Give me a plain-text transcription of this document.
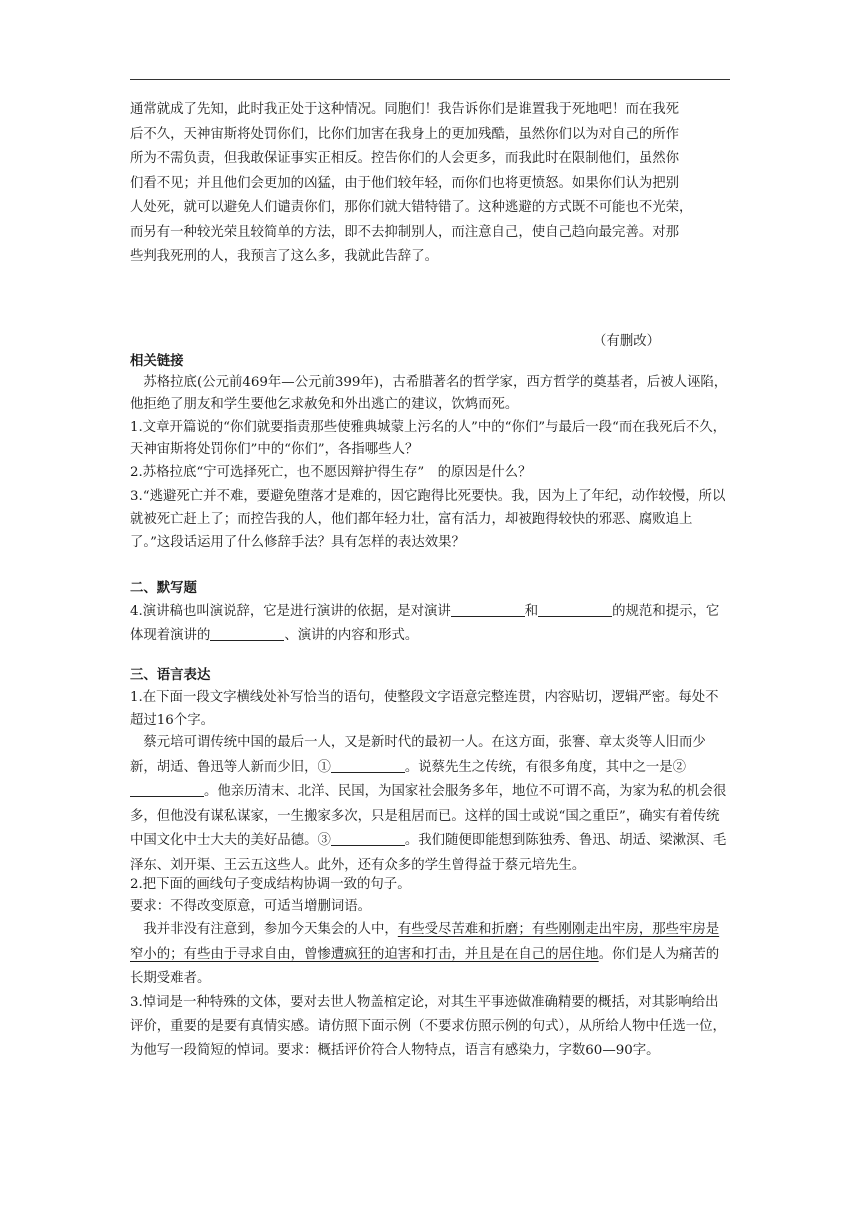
通常就成了先知，此时我正处于这种情况。同胞们！我告诉你们是谁置我于死地吧！而在我死
后不久，天神宙斯将处罚你们，比你们加害在我身上的更加残酷，虽然你们以为对自己的所作
所为不需负责，但我敢保证事实正相反。控告你们的人会更多，而我此时在限制他们，虽然你
们看不见；并且他们会更加的凶猛，由于他们较年轻，而你们也将更愤怒。如果你们认为把别
人处死，就可以避免人们谴责你们，那你们就大错特错了。这种逃避的方式既不可能也不光荣，
而另有一种较光荣且较简单的方法，即不去抑制别人，而注意自己，使自己趋向最完善。对那
些判我死刑的人，我预言了这么多，我就此告辞了。

（有删改）

相关链接

苏格拉底(公元前469年—公元前399年)，古希腊著名的哲学家，西方哲学的奠基者，后被人诬陷，他拒绝了朋友和学生要他乞求赦免和外出逃亡的建议，饮鸩而死。

1.文章开篇说的“你们就要指责那些使雅典城蒙上污名的人”中的“你们”与最后一段“而在我死后不久，天神宙斯将处罚你们”中的“你们”，各指哪些人？

2.苏格拉底“宁可选择死亡，也不愿因辩护得生存”　的原因是什么？

3.“逃避死亡并不难，要避免堕落才是难的，因它跑得比死要快。我，因为上了年纪，动作较慢，所以就被死亡赶上了；而控告我的人，他们都年轻力壮，富有活力，却被跑得较快的邪恶、腐败追上了。”这段话运用了什么修辞手法？具有怎样的表达效果？

二、默写题

4.演讲稿也叫演说辞，它是进行演讲的依据，是对演讲	和	的规范和提示，它体现着演讲的	、演讲的内容和形式。

三、语言表达

1.在下面一段文字横线处补写恰当的语句，使整段文字语意完整连贯，内容贴切，逻辑严密。每处不超过16个字。

蔡元培可谓传统中国的最后一人，又是新时代的最初一人。在这方面，张謇、章太炎等人旧而少新，胡适、鲁迅等人新而少旧，①	。说蔡先生之传统，有很多角度，其中之一是②。他亲历清末、北洋、民国，为国家社会服务多年，地位不可谓不高，为家为私的机会很多，但他没有谋私谋家，一生搬家多次，只是租居而已。这样的国士或说“国之重臣”，确实有着传统中国文化中士大夫的美好品德。③	。我们随便即能想到陈独秀、鲁迅、胡适、梁漱溟、毛泽东、刘开渠、王云五这些人。此外，还有众多的学生曾得益于蔡元培先生。

2.把下面的画线句子变成结构协调一致的句子。

要求：不得改变原意，可适当增删词语。

我并非没有注意到，参加今天集会的人中，有些受尽苦难和折磨；有些刚刚走出牢房，那些牢房是窄小的；有些由于寻求自由，曾惨遭疯狂的迫害和打击，并且是在自己的居住地。你们是人为痛苦的长期受难者。

3.悼词是一种特殊的文体，要对去世人物盖棺定论，对其生平事迹做准确精要的概括，对其影响给出评价，重要的是要有真情实感。请仿照下面示例（不要求仿照示例的句式），从所给人物中任选一位，为他写一段简短的悼词。要求：概括评价符合人物特点，语言有感染力，字数60—90字。
